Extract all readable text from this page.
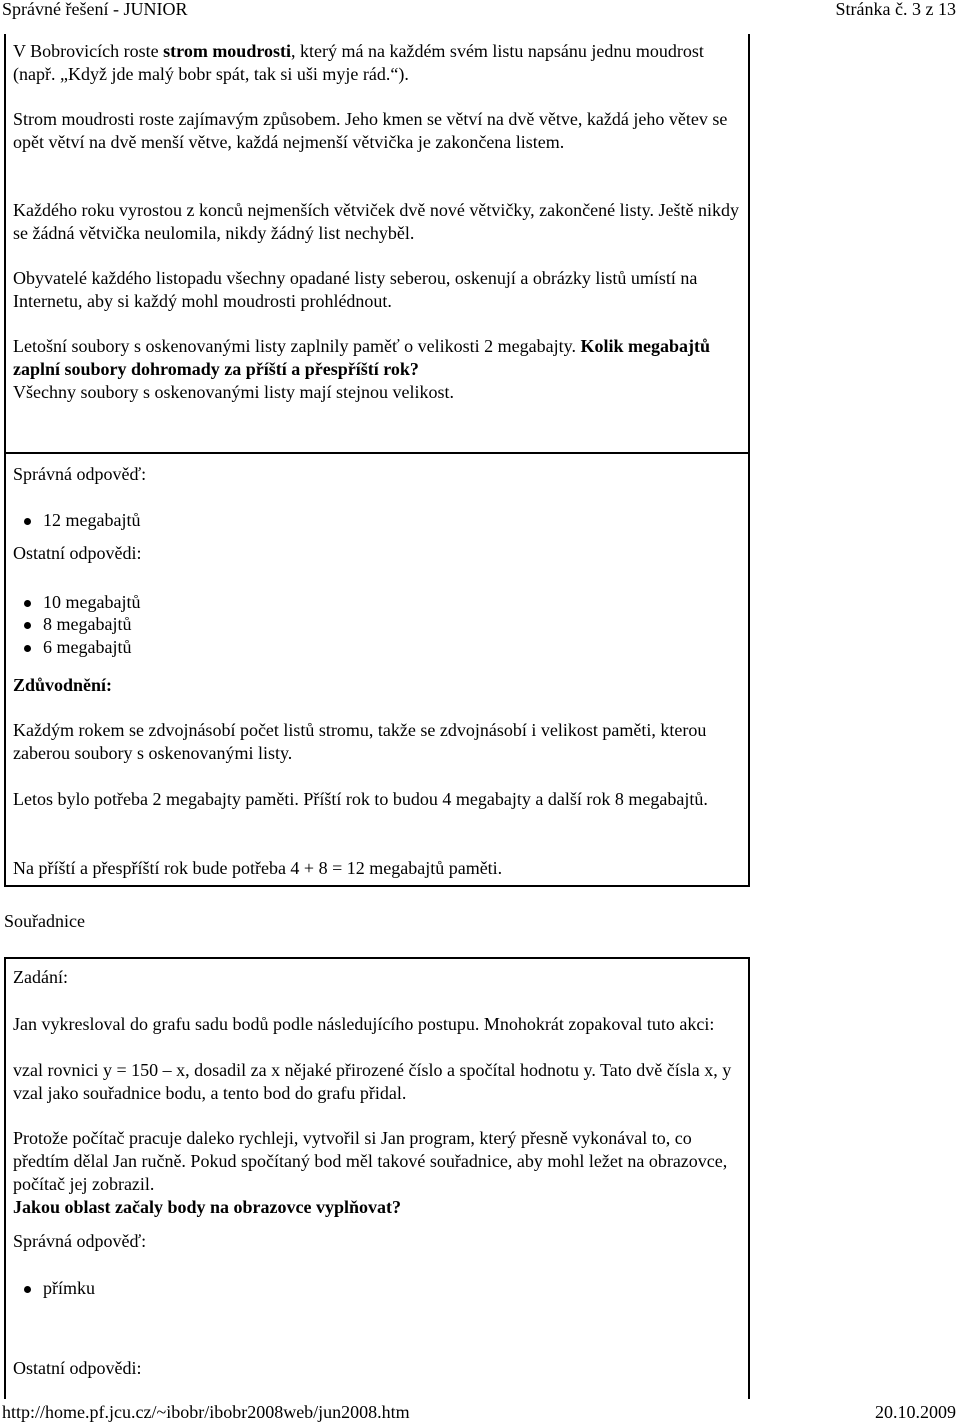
Správné řešení - JUNIOR	Stránka č. 3 z 13
V Bobrovicích roste strom moudrosti, který má na každém svém listu napsánu jednu moudrost (např. „Když jde malý bobr spát, tak si uši myje rád.“).
Strom moudrosti roste zajímavým způsobem. Jeho kmen se větví na dvě větve, každá jeho větev se opět větví na dvě menší větve, každá nejmenší větvička je zakončena listem.
Každého roku vyrostou z konců nejmenších větviček dvě nové větvičky, zakončené listy. Ještě nikdy se žádná větvička neulomila, nikdy žádný list nechyběl.
Obyvatelé každého listopadu všechny opadané listy seberou, oskenují a obrázky listů umístí na Internetu, aby si každý mohl moudrosti prohlédnout.
Letošní soubory s oskenovanými listy zaplnily paměť o velikosti 2 megabajty. Kolik megabajtů zaplní soubory dohromady za příští a přespříští rok?
Všechny soubory s oskenovanými listy mají stejnou velikost.
Správná odpověď:
12 megabajtů
Ostatní odpovědi:
10 megabajtů
8 megabajtů
6 megabajtů
Zdůvodnění:
Každým rokem se zdvojnásobí počet listů stromu, takže se zdvojnásobí i velikost paměti, kterou zaberou soubory s oskenovanými listy.
Letos bylo potřeba 2 megabajty paměti. Příští rok to budou 4 megabajty a další rok 8 megabajtů.
Na příští a přespříští rok bude potřeba 4 + 8 = 12 megabajtů paměti.
Souřadnice
Zadání:
Jan vykresloval do grafu sadu bodů podle následujícího postupu. Mnohokrát zopakoval tuto akci:
vzal rovnici y = 150 – x, dosadil za x nějaké přirozené číslo a spočítal hodnotu y. Tato dvě čísla x, y vzal jako souřadnice bodu, a tento bod do grafu přidal.
Protože počítač pracuje daleko rychleji, vytvořil si Jan program, který přesně vykonával to, co předtím dělal Jan ručně. Pokud spočítaný bod měl takové souřadnice, aby mohl ležet na obrazovce, počítač jej zobrazil.
Jakou oblast začaly body na obrazovce vyplňovat?
Správná odpověď:
přímku
Ostatní odpovědi:
http://home.pf.jcu.cz/~ibobr/ibobr2008web/jun2008.htm	20.10.2009
